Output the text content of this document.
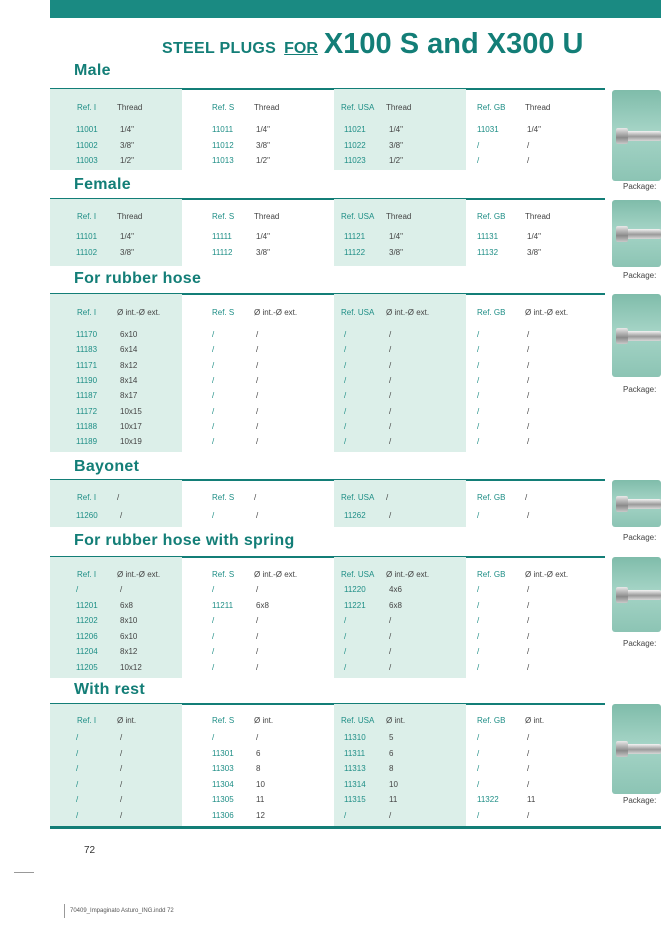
STEEL PLUGS FOR X100 S and X300 U
Male
Ref. I	Thread	Ref. S Thread	Ref. USA Thread	Ref. GB Thread
11001	1/4"	11011	1/4"	11021	1/4"	11031	1/4"
11002	3/8"	11012	3/8"	11022	3/8"	/	/
11003	1/2"	11013	1/2"	11023	1/2"	/	/
Package:
Female
Ref. I	Thread	Ref. S Thread	Ref. USA Thread	Ref. GB Thread
11101	1/4"	11111	1/4"	11121	1/4"	11131	1/4"
11102	3/8"	11112	3/8"	11122	3/8"	11132	3/8"
Package:
For rubber hose
Ref. I	Ø int.-Ø ext.	Ref. S Ø int.-Ø ext.	Ref. USA Ø int.-Ø ext.	Ref. GB Ø int.-Ø ext.
11170	6x10	/	/	/	/	/	/
11183	6x14	/	/	/	/	/	/
11171	8x12	/	/	/	/	/	/
11190	8x14	/	/	/	/	/	/
11187	8x17	/	/	/	/	/	/
11172	10x15	/	/	/	/	/	/
11188	10x17	/	/	/	/	/	/
11189	10x19	/	/	/	/	/	/
Package:
Bayonet
Ref. I	/	Ref. S /	Ref. USA /	Ref. GB /
11260	/	/	/	11262	/	/	/
Package:
For rubber hose with spring
Ref. I	Ø int.-Ø ext.	Ref. S Ø int.-Ø ext.	Ref. USA Ø int.-Ø ext.	Ref. GB Ø int.-Ø ext.
/	/	/	/	11220	4x6	/	/
11201	6x8	11211	6x8	11221	6x8	/	/
11202	8x10	/	/	/	/	/	/
11206	6x10	/	/	/	/	/	/
11204	8x12	/	/	/	/	/	/
11205	10x12	/	/	/	/	/	/
Package:
With rest
Ref. I	Ø int.	Ref. S Ø int.	Ref. USA Ø int.	Ref. GB Ø int.
/	/	/	/	11310	5	/	/
/	/	11301	6	11311	6	/	/
/	/	11303	8	11313	8	/	/
/	/	11304	10	11314	10	/	/
/	/	11305	11	11315	11	11322	11
/	/	11306	12	/	/	/	/
Package:
72
70409_Impaginato Asturo_ING.indd 72
